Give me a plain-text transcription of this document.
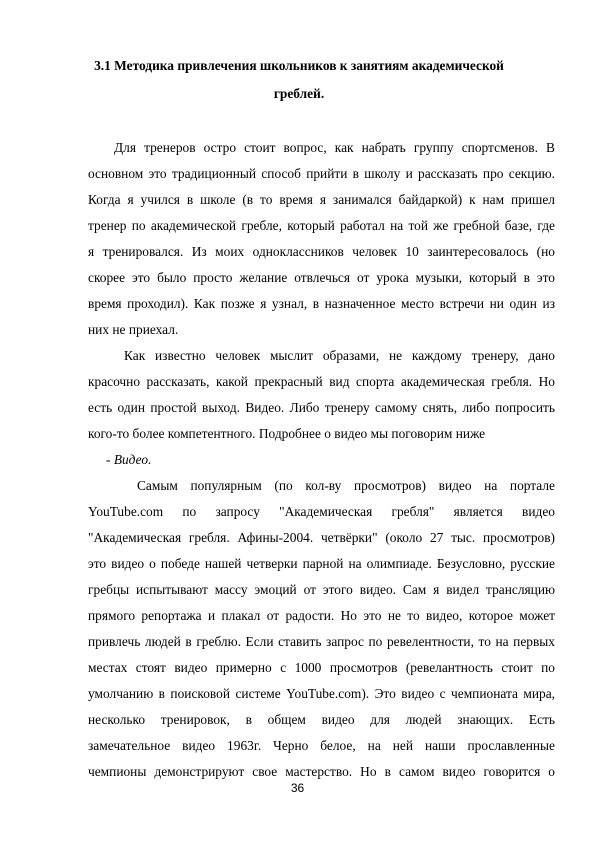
3.1 Методика привлечения школьников к занятиям академической
греблей.
Для тренеров остро стоит вопрос, как набрать группу спортсменов. В
основном это традиционный способ прийти в школу и рассказать про секцию.
Когда я учился в школе (в то время я занимался байдаркой) к нам пришел
тренер по академической гребле, который работал на той же гребной базе, где
я тренировался. Из моих одноклассников человек 10 заинтересовалось (но
скорее это было просто желание отвлечься от урока музыки, который в это
время проходил). Как позже я узнал, в назначенное место встречи ни один из
них не приехал.
Как известно человек мыслит образами, не каждому тренеру, дано
красочно рассказать, какой прекрасный вид спорта академическая гребля. Но
есть один простой выход. Видео. Либо тренеру самому снять, либо попросить
кого-то более компетентного. Подробнее о видео мы поговорим ниже
- Видео.
Самым популярным (по кол-ву просмотров) видео на портале
YouTube.com по запросу "Академическая гребля" является видео
"Академическая гребля. Афины-2004. четвёрки" (около 27 тыс. просмотров)
это видео о победе нашей четверки парной на олимпиаде. Безусловно, русские
гребцы испытывают массу эмоций от этого видео. Сам я видел трансляцию
прямого репортажа и плакал от радости. Но это не то видео, которое может
привлечь людей в греблю. Если ставить запрос по ревелентности, то на первых
местах стоят видео примерно с 1000 просмотров (ревелантность стоит по
умолчанию в поисковой системе YouTube.com). Это видео с чемпионата мира,
несколько тренировок, в общем видео для людей знающих. Есть
замечательное видео 1963г. Черно белое, на ней наши прославленные
чемпионы демонстрируют свое мастерство. Но в самом видео говорится о
36
